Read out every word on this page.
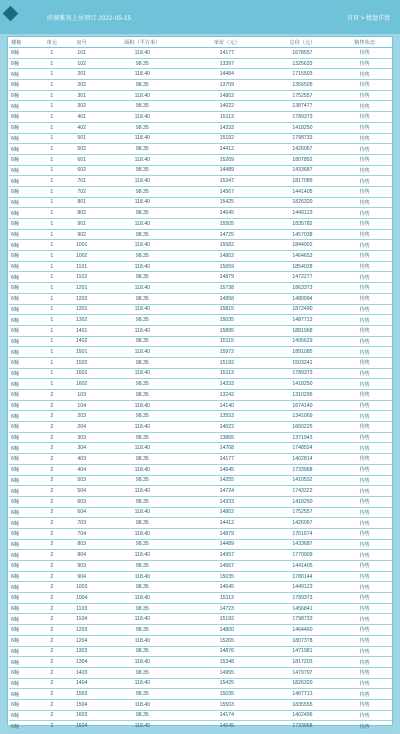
滨湖雅苑上居项目 2022-05-15	首页 > 楼盘详情
楼栋	单元	房号	面积（平方米）	单价（元）	总价（元）	销售状态
6幢	1	101	118.40	14177	1678557	待售
6幢	1	102	98.35	13397	1325633	待售
6幢	1	201	118.40	14484	1715503	待售
6幢	1	202	98.35	13709	1356505	待售
6幢	1	301	118.40	14802	1752557	待售
6幢	1	302	98.35	14022	1387477	待售
6幢	1	401	118.40	15113	1789373	待售
6幢	1	402	98.35	14333	1418250	待售
6幢	1	501	118.40	15192	1798733	待售
6幢	1	502	98.35	14412	1426067	待售
6幢	1	601	118.40	15269	1807852	待售
6幢	1	602	98.35	14489	1433687	待售
6幢	1	701	118.40	15347	1817085	待售
6幢	1	702	98.35	14567	1441405	待售
6幢	1	801	118.40	15425	1826320	待售
6幢	1	802	98.35	14645	1449123	待售
6幢	1	901	118.40	15505	1835782	待售
6幢	1	902	98.35	14725	1457038	待售
6幢	1	1001	118.40	15582	1844902	待售
6幢	1	1002	98.35	14802	1464653	待售
6幢	1	1101	118.40	15659	1854028	待售
6幢	1	1102	98.35	14879	1472277	待售
6幢	1	1201	118.40	15738	1863373	待售
6幢	1	1202	98.35	14958	1480094	待售
6幢	1	1301	118.40	15815	1872490	待售
6幢	1	1302	98.35	15035	1487713	待售
6幢	1	1401	118.40	15895	1881968	待售
6幢	1	1402	98.35	15115	1495629	待售
6幢	1	1501	118.40	15972	1891085	待售
6幢	1	1502	98.35	15192	1503241	待售
6幢	1	1601	118.40	15113	1789373	待售
6幢	1	1602	98.35	14333	1418250	待售
6幢	2	103	98.35	13242	1310295	待售
6幢	2	104	118.40	14140	1674140	待售
6幢	2	203	98.35	13553	1341069	待售
6幢	2	204	118.40	14022	1660225	待售
6幢	2	303	98.35	13865	1371943	待售
6幢	2	304	118.40	14768	1748524	待售
6幢	2	403	98.35	14177	1402814	待售
6幢	2	404	118.40	14645	1733968	待售
6幢	2	503	98.35	14255	1410532	待售
6幢	2	504	118.40	14724	1743322	待售
6幢	2	603	98.35	14333	1418250	待售
6幢	2	604	118.40	14802	1752557	待售
6幢	2	703	98.35	14412	1426067	待售
6幢	2	704	118.40	14879	1761674	待售
6幢	2	803	98.35	14489	1433687	待售
6幢	2	804	118.40	14957	1770909	待售
6幢	2	903	98.35	14567	1441405	待售
6幢	2	904	118.40	15035	1780144	待售
6幢	2	1003	98.35	14645	1449123	待售
6幢	2	1004	118.40	15113	1789373	待售
6幢	2	1103	98.35	14723	1456841	待售
6幢	2	1104	118.40	15192	1798733	待售
6幢	2	1203	98.35	14800	1464460	待售
6幢	2	1204	118.40	15265	1807378	待售
6幢	2	1303	98.35	14876	1471981	待售
6幢	2	1304	118.40	15348	1817203	待售
6幢	2	1403	98.35	14955	1479797	待售
6幢	2	1404	118.40	15425	1826320	待售
6幢	2	1503	98.35	15035	1487713	待售
6幢	2	1504	118.40	15503	1835555	待售
6幢	2	1603	98.35	14174	1402496	待售
6幢	2	1604	118.40	14645	1733968	待售
